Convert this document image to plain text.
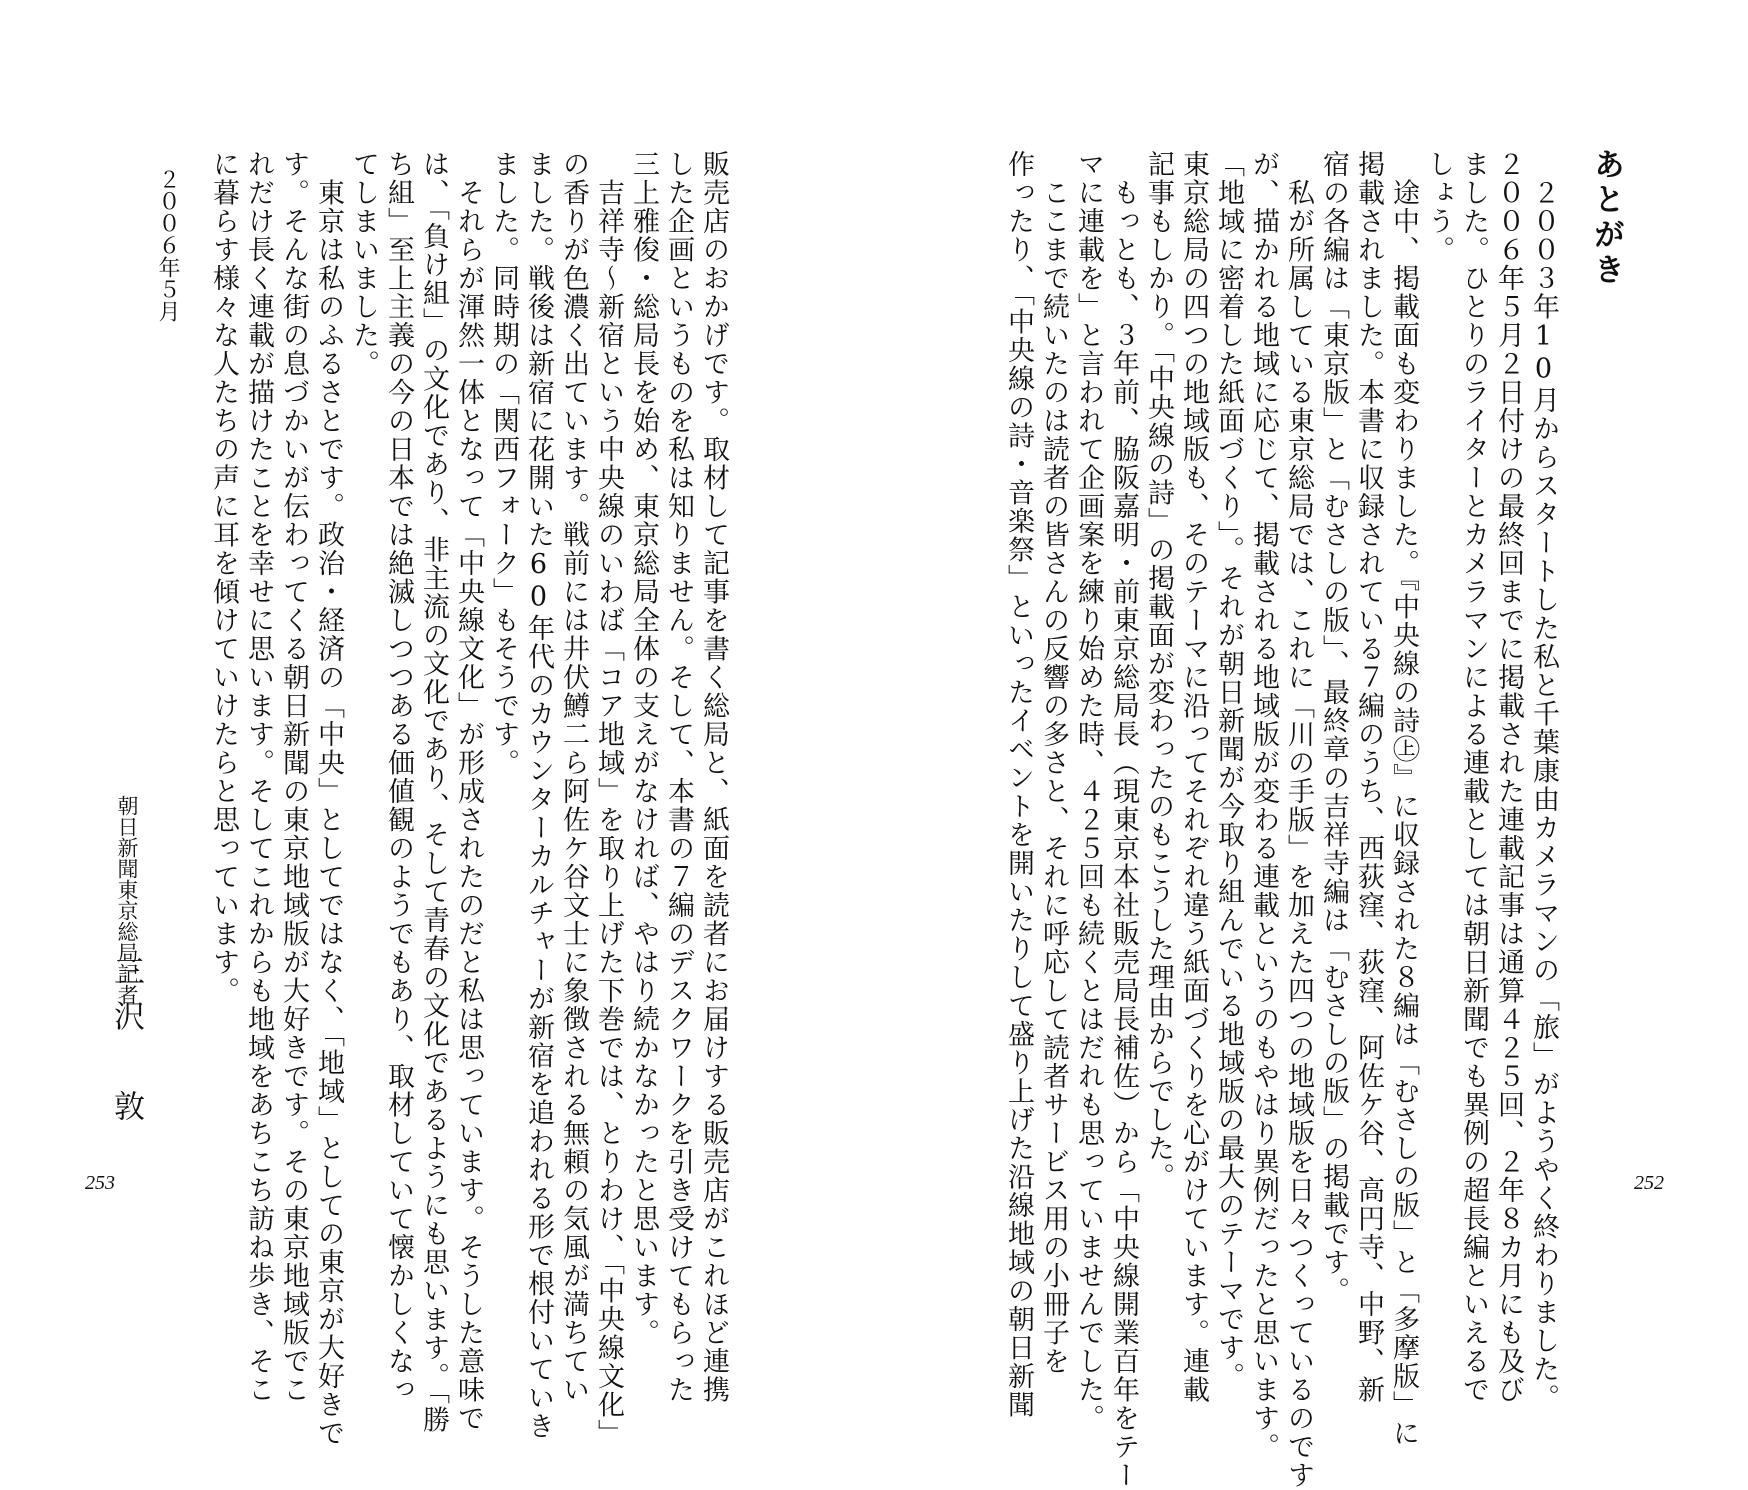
あとがき
　２００３年10月からスタートした私と千葉康由カメラマンの「旅」がようやく終わりました。
２００６年５月２日付けの最終回までに掲載された連載記事は通算４２５回、２年８カ月にも及び
ました。ひとりのライターとカメラマンによる連載としては朝日新聞でも異例の超長編といえるで
しょう。
　途中、掲載面も変わりました。『中央線の詩㊤』に収録された８編は「むさしの版」と「多摩版」に
掲載されました。本書に収録されている７編のうち、西荻窪、荻窪、阿佐ケ谷、高円寺、中野、新
宿の各編は「東京版」と「むさしの版」、最終章の吉祥寺編は「むさしの版」の掲載です。
　私が所属している東京総局では、これに「川の手版」を加えた四つの地域版を日々つくっているのです
が、描かれる地域に応じて、掲載される地域版が変わる連載というのもやはり異例だったと思います。
「地域に密着した紙面づくり」。それが朝日新聞が今取り組んでいる地域版の最大のテーマです。
東京総局の四つの地域版も、そのテーマに沿ってそれぞれ違う紙面づくりを心がけています。連載
記事もしかり。「中央線の詩」の掲載面が変わったのもこうした理由からでした。
　もっとも、３年前、脇阪嘉明・前東京総局長（現東京本社販売局長補佐）から「中央線開業百年をテー
マに連載を」と言われて企画案を練り始めた時、４２５回も続くとはだれも思っていませんでした。
　ここまで続いたのは読者の皆さんの反響の多さと、それに呼応して読者サービス用の小冊子を
作ったり、「中央線の詩・音楽祭」といったイベントを開いたりして盛り上げた沿線地域の朝日新聞	252
販売店のおかげです。取材して記事を書く総局と、紙面を読者にお届けする販売店がこれほど連携
した企画というものを私は知りません。そして、本書の７編のデスクワークを引き受けてもらった
三上雅俊・総局長を始め、東京総局全体の支えがなければ、やはり続かなかったと思います。
　吉祥寺～新宿という中央線のいわば「コア地域」を取り上げた下巻では、とりわけ、「中央線文化」
の香りが色濃く出ています。戦前には井伏鱒二ら阿佐ケ谷文士に象徴される無頼の気風が満ちてい
ました。戦後は新宿に花開いた60年代のカウンターカルチャーが新宿を追われる形で根付いていき
ました。同時期の「関西フォーク」もそうです。
　それらが渾然一体となって「中央線文化」が形成されたのだと私は思っています。そうした意味で
は、「負け組」の文化であり、非主流の文化であり、そして青春の文化であるようにも思います。「勝
ち組」至上主義の今の日本では絶滅しつつある価値観のようでもあり、取材していて懐かしくなっ
てしまいました。
　東京は私のふるさとです。政治・経済の「中央」としてではなく、「地域」としての東京が大好きで
す。そんな街の息づかいが伝わってくる朝日新聞の東京地域版が大好きです。その東京地域版でこ
れだけ長く連載が描けたことを幸せに思います。そしてこれからも地域をあちこち訪ね歩き、そこ
に暮らす様々な人たちの声に耳を傾けていけたらと思っています。
２００６年５月
朝日新聞東京総局記者
三沢　敦
253
